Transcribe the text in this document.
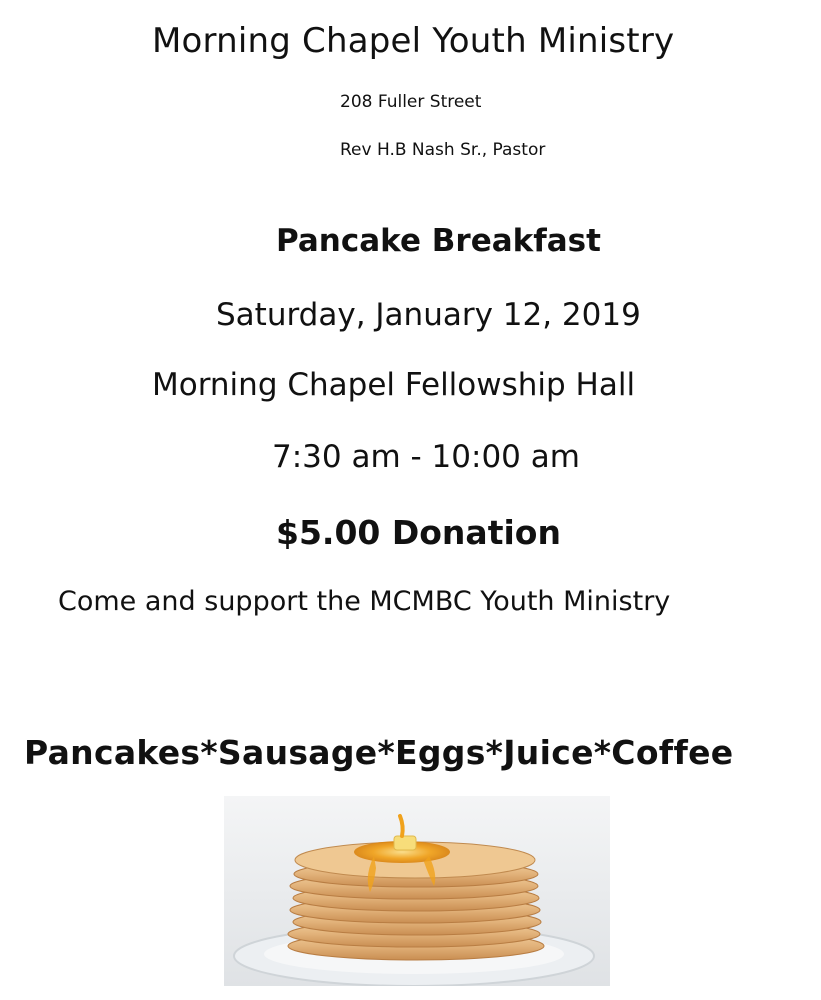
Morning Chapel Youth Ministry

208 Fuller Street

Rev H.B Nash Sr., Pastor

Pancake Breakfast

Saturday, January 12, 2019

Morning Chapel Fellowship Hall

7:30 am - 10:00 am

$5.00 Donation

Come and support the MCMBC Youth Ministry

Pancakes*Sausage*Eggs*Juice*Coffee
